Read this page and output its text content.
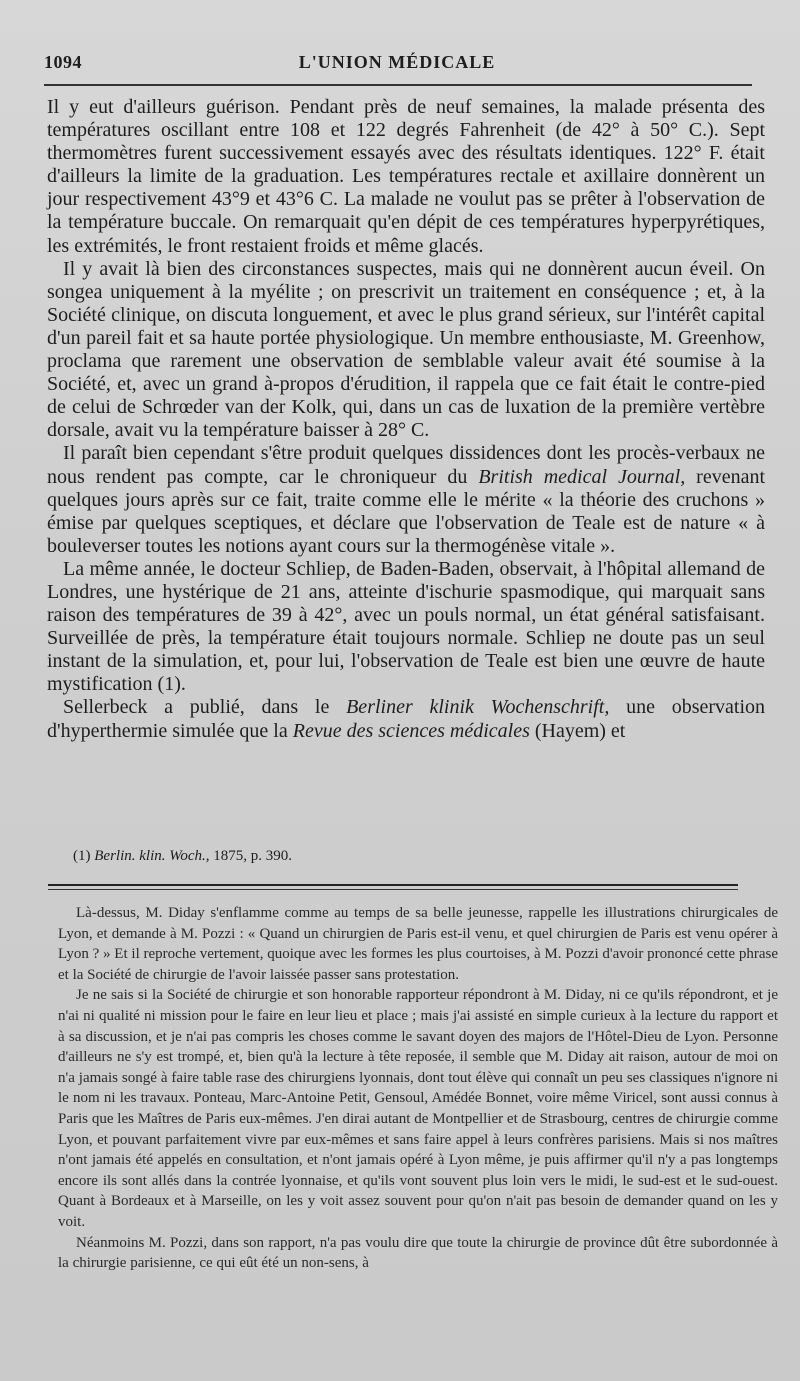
1094	L'UNION MÉDICALE

Il y eut d'ailleurs guérison. Pendant près de neuf semaines, la malade présenta des températures oscillant entre 108 et 122 degrés Fahrenheit (de 42° à 50° C.). Sept thermomètres furent successivement essayés avec des résultats identiques. 122° F. était d'ailleurs la limite de la graduation. Les températures rectale et axillaire donnèrent un jour respectivement 43°9 et 43°6 C. La malade ne voulut pas se prêter à l'observation de la température buccale. On remarquait qu'en dépit de ces températures hyperpyrétiques, les extrémités, le front restaient froids et même glacés.

Il y avait là bien des circonstances suspectes, mais qui ne donnèrent aucun éveil. On songea uniquement à la myélite ; on prescrivit un traitement en conséquence ; et, à la Société clinique, on discuta longuement, et avec le plus grand sérieux, sur l'intérêt capital d'un pareil fait et sa haute portée physiologique. Un membre enthousiaste, M. Greenhow, proclama que rarement une observation de semblable valeur avait été soumise à la Société, et, avec un grand à-propos d'érudition, il rappela que ce fait était le contre-pied de celui de Schrœder van der Kolk, qui, dans un cas de luxation de la première vertèbre dorsale, avait vu la température baisser à 28° C.

Il paraît bien cependant s'être produit quelques dissidences dont les procès-verbaux ne nous rendent pas compte, car le chroniqueur du British medical Journal, revenant quelques jours après sur ce fait, traite comme elle le mérite « la théorie des cruchons » émise par quelques sceptiques, et déclare que l'observation de Teale est de nature « à bouleverser toutes les notions ayant cours sur la thermogénèse vitale ».

La même année, le docteur Schliep, de Baden-Baden, observait, à l'hôpital allemand de Londres, une hystérique de 21 ans, atteinte d'ischurie spasmodique, qui marquait sans raison des températures de 39 à 42°, avec un pouls normal, un état général satisfaisant. Surveillée de près, la température était toujours normale. Schliep ne doute pas un seul instant de la simulation, et, pour lui, l'observation de Teale est bien une œuvre de haute mystification (1).

Sellerbeck a publié, dans le Berliner klinik Wochenschrift, une observation d'hyperthermie simulée que la Revue des sciences médicales (Hayem) et

(1) Berlin. klin. Woch., 1875, p. 390.

Là-dessus, M. Diday s'enflamme comme au temps de sa belle jeunesse, rappelle les illustrations chirurgicales de Lyon, et demande à M. Pozzi : « Quand un chirurgien de Paris est-il venu, et quel chirurgien de Paris est venu opérer à Lyon ? » Et il reproche vertement, quoique avec les formes les plus courtoises, à M. Pozzi d'avoir prononcé cette phrase et la Société de chirurgie de l'avoir laissée passer sans protestation.

Je ne sais si la Société de chirurgie et son honorable rapporteur répondront à M. Diday, ni ce qu'ils répondront, et je n'ai ni qualité ni mission pour le faire en leur lieu et place ; mais j'ai assisté en simple curieux à la lecture du rapport et à sa discussion, et je n'ai pas compris les choses comme le savant doyen des majors de l'Hôtel-Dieu de Lyon. Personne d'ailleurs ne s'y est trompé, et, bien qu'à la lecture à tête reposée, il semble que M. Diday ait raison, autour de moi on n'a jamais songé à faire table rase des chirurgiens lyonnais, dont tout élève qui connaît un peu ses classiques n'ignore ni le nom ni les travaux. Ponteau, Marc-Antoine Petit, Gensoul, Amédée Bonnet, voire même Viricel, sont aussi connus à Paris que les Maîtres de Paris eux-mêmes. J'en dirai autant de Montpellier et de Strasbourg, centres de chirurgie comme Lyon, et pouvant parfaitement vivre par eux-mêmes et sans faire appel à leurs confrères parisiens. Mais si nos maîtres n'ont jamais été appelés en consultation, et n'ont jamais opéré à Lyon même, je puis affirmer qu'il n'y a pas longtemps encore ils sont allés dans la contrée lyonnaise, et qu'ils vont souvent plus loin vers le midi, le sud-est et le sud-ouest. Quant à Bordeaux et à Marseille, on les y voit assez souvent pour qu'on n'ait pas besoin de demander quand on les y voit.

Néanmoins M. Pozzi, dans son rapport, n'a pas voulu dire que toute la chirurgie de province dût être subordonnée à la chirurgie parisienne, ce qui eût été un non-sens, à
